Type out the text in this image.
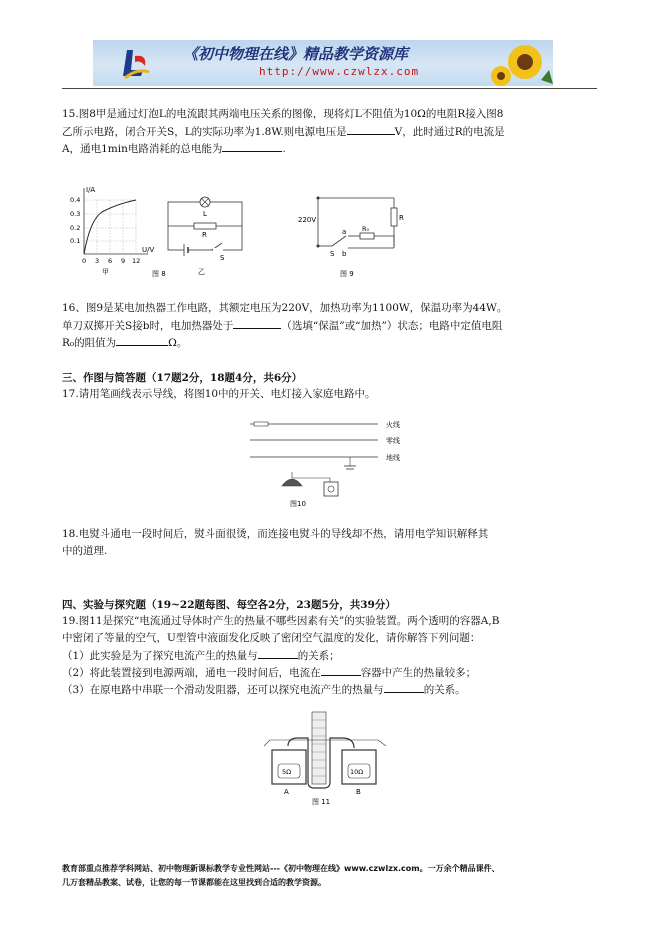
《初中物理在线》精品教学资源库
http://www.czwlzx.com
15.图8甲是通过灯泡L的电流跟其两端电压关系的图像，现将灯L不阻值为10Ω的电阻R接入图8
乙所示电路，闭合开关S，L的实际功率为1.8W.则电源电压是	V，此时通过R的电流是
A，通电1min电路消耗的总电能为	.
I/A
U/V
0.4
0.3
0.2
0.1
0 3 6 9 12
甲
L
R
S
乙
图 8
220V	R
S
a
b
R₀
图 9
16、图9是某电加热器工作电路，其额定电压为220V，加热功率为1100W，保温功率为44W。
单刀双掷开关S接b时，电加热器处于	（选填“保温”或“加热”）状态；电路中定值电阻
R₀的阻值为	Ω。
三、作图与简答题（17题2分，18题4分，共6分）
17.请用笔画线表示导线，将图10中的开关、电灯接入家庭电路中。
火线
零线
地线
图10
18.电熨斗通电一段时间后，熨斗面很烫，而连接电熨斗的导线却不热，请用电学知识解释其
中的道理.
四、实验与探究题（19~22题每图、每空各2分，23题5分，共39分）
19.图11是探究“电流通过导体时产生的热量不哪些因素有关”的实验装置。两个透明的容器A,B
中密闭了等量的空气，U型管中液面发化反映了密闭空气温度的发化，请你解答下列问题：
（1）此实验是为了探究电流产生的热量与	的关系；
（2）将此装置接到电源两端，通电一段时间后，电流在	容器中产生的热量较多；
（3）在原电路中串联一个滑动发阻器，还可以探究电流产生的热量与	的关系。
5Ω
A
10Ω
B
图 11
教育部重点推荐学科网站、初中物理新课标教学专业性网站---《初中物理在线》www.czwlzx.com。一万余个精品课件、
几万套精品教案、试卷，让您的每一节课都能在这里找到合适的教学资源。
